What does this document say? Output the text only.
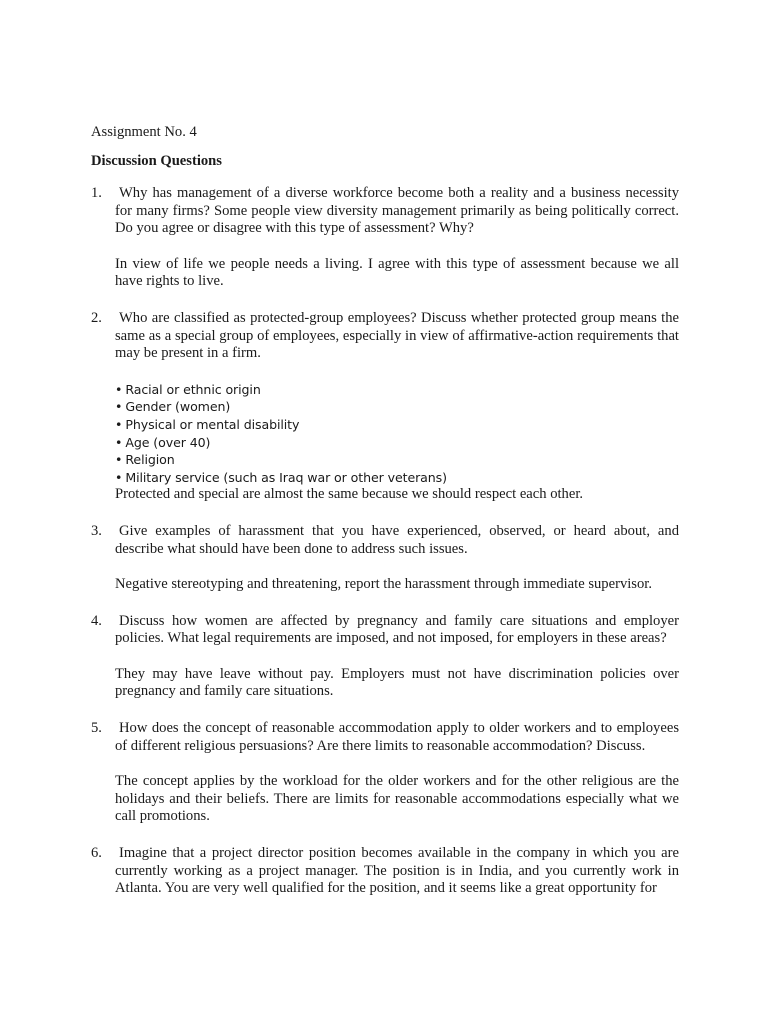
Assignment No. 4

Discussion Questions

1.	Why has management of a diverse workforce become both a reality and a business necessity for many firms? Some people view diversity management primarily as being politically correct. Do you agree or disagree with this type of assessment? Why?

In view of life we people needs a living. I agree with this type of assessment because we all have rights to live.

2.	Who are classified as protected-group employees? Discuss whether protected group means the same as a special group of employees, especially in view of affirmative-action requirements that may be present in a firm.

• Racial or ethnic origin
• Gender (women)
• Physical or mental disability
• Age (over 40)
• Religion
• Military service (such as Iraq war or other veterans)

Protected and special are almost the same because we should respect each other.

3.	Give examples of harassment that you have experienced, observed, or heard about, and describe what should have been done to address such issues.

Negative stereotyping and threatening, report the harassment through immediate supervisor.

4.	Discuss how women are affected by pregnancy and family care situations and employer policies. What legal requirements are imposed, and not imposed, for employers in these areas?

They may have leave without pay. Employers must not have discrimination policies over pregnancy and family care situations.

5.	How does the concept of reasonable accommodation apply to older workers and to employees of different religious persuasions? Are there limits to reasonable accommodation? Discuss.

The concept applies by the workload for the older workers and for the other religious are the holidays and their beliefs. There are limits for reasonable accommodations especially what we call promotions.

6.	Imagine that a project director position becomes available in the company in which you are currently working as a project manager. The position is in India, and you currently work in Atlanta. You are very well qualified for the position, and it seems like a great opportunity for
